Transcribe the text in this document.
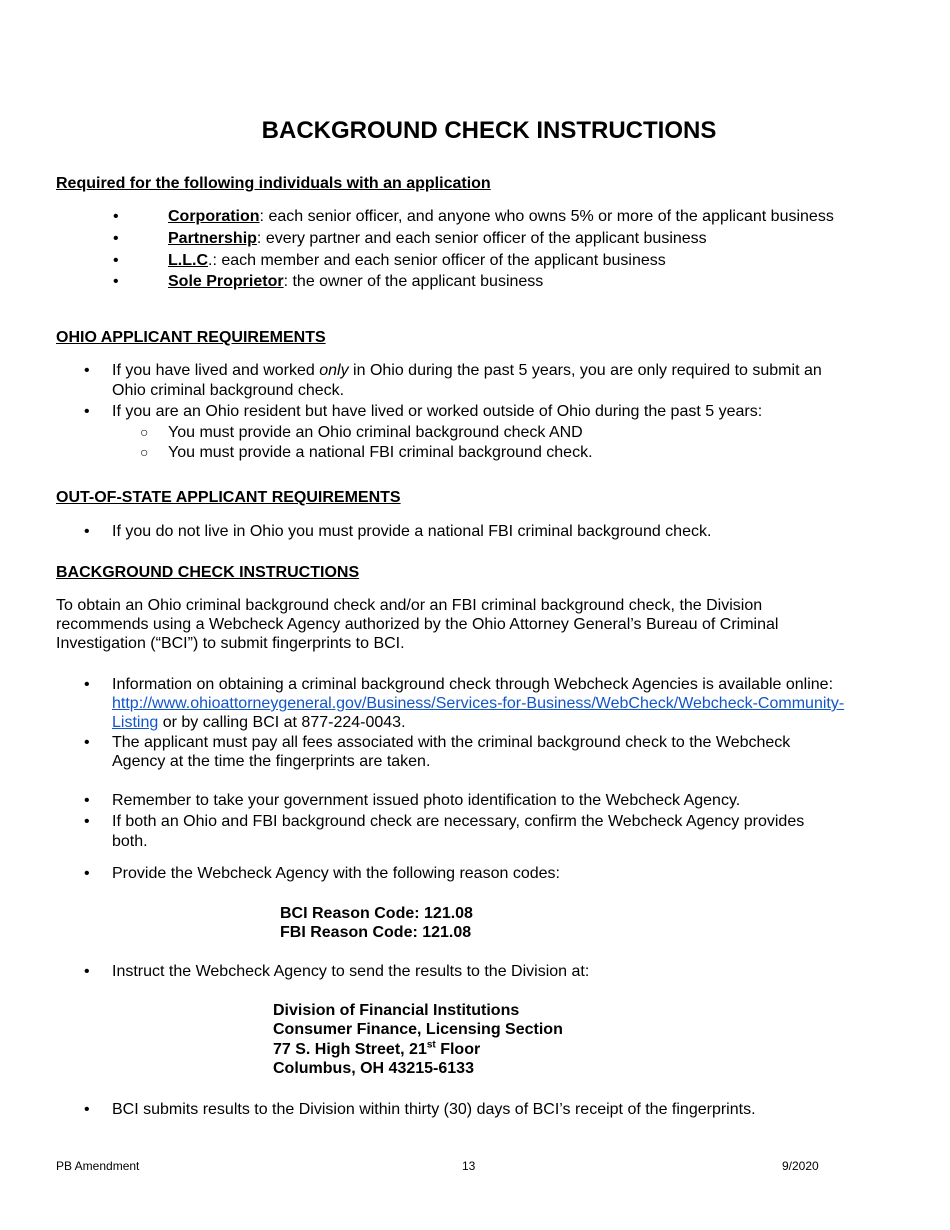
BACKGROUND CHECK INSTRUCTIONS

Required for the following individuals with an application

•	Corporation: each senior officer, and anyone who owns 5% or more of the applicant business
•	Partnership: every partner and each senior officer of the applicant business
•	L.L.C.: each member and each senior officer of the applicant business
•	Sole Proprietor: the owner of the applicant business

OHIO APPLICANT REQUIREMENTS

• If you have lived and worked only in Ohio during the past 5 years, you are only required to submit an
Ohio criminal background check.
• If you are an Ohio resident but have lived or worked outside of Ohio during the past 5 years:
○ You must provide an Ohio criminal background check AND
○ You must provide a national FBI criminal background check.

OUT-OF-STATE APPLICANT REQUIREMENTS

• If you do not live in Ohio you must provide a national FBI criminal background check.

BACKGROUND CHECK INSTRUCTIONS

To obtain an Ohio criminal background check and/or an FBI criminal background check, the Division
recommends using a Webcheck Agency authorized by the Ohio Attorney General’s Bureau of Criminal
Investigation (“BCI”) to submit fingerprints to BCI.
• Information on obtaining a criminal background check through Webcheck Agencies is available online:
http://www.ohioattorneygeneral.gov/Business/Services-for-Business/WebCheck/Webcheck-Community-
Listing or by calling BCI at 877-224-0043.
• The applicant must pay all fees associated with the criminal background check to the Webcheck
Agency at the time the fingerprints are taken.
• Remember to take your government issued photo identification to the Webcheck Agency.
• If both an Ohio and FBI background check are necessary, confirm the Webcheck Agency provides
both.
• Provide the Webcheck Agency with the following reason codes:
BCI Reason Code: 121.08
FBI Reason Code: 121.08
• Instruct the Webcheck Agency to send the results to the Division at:
Division of Financial Institutions
Consumer Finance, Licensing Section
77 S. High Street, 21st Floor
Columbus, OH 43215-6133
• BCI submits results to the Division within thirty (30) days of BCI’s receipt of the fingerprints.
PB Amendment	13	9/2020
